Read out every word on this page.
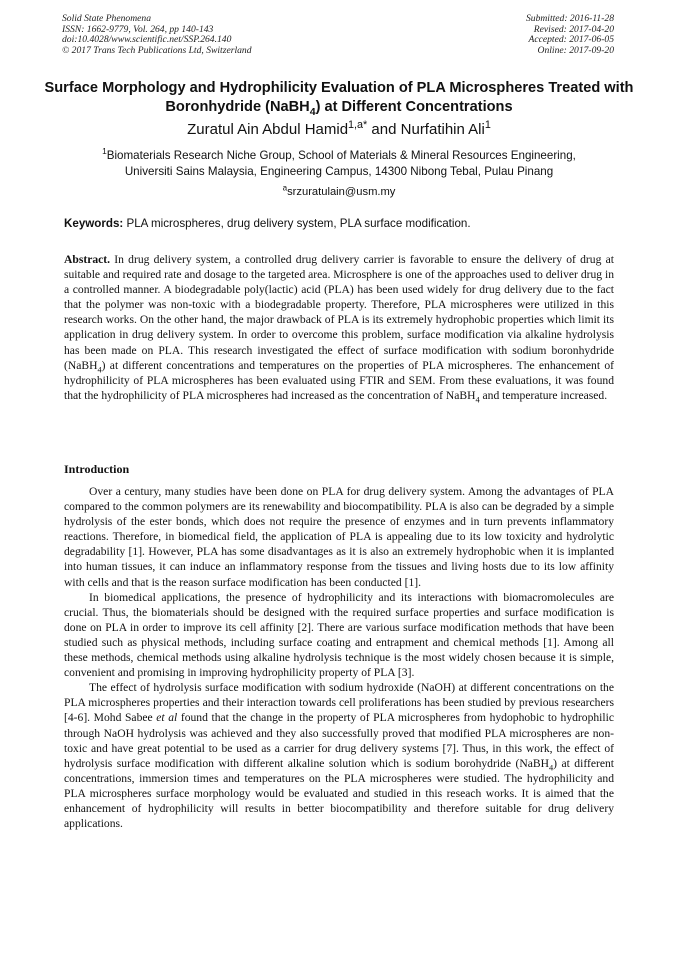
Solid State Phenomena
ISSN: 1662-9779, Vol. 264, pp 140-143
doi:10.4028/www.scientific.net/SSP.264.140
© 2017 Trans Tech Publications Ltd, Switzerland
Submitted: 2016-11-28
Revised: 2017-04-20
Accepted: 2017-06-05
Online: 2017-09-20
Surface Morphology and Hydrophilicity Evaluation of PLA Microspheres Treated with Boronhydride (NaBH$_4$) at Different Concentrations
Zuratul Ain Abdul Hamid$^{1,a*}$ and Nurfatihin Ali$^1$
$^1$Biomaterials Research Niche Group, School of Materials & Mineral Resources Engineering,
Universiti Sains Malaysia, Engineering Campus, 14300 Nibong Tebal, Pulau Pinang
$^a$srzuratulain@usm.my
Keywords: PLA microspheres, drug delivery system, PLA surface modification.
Abstract. In drug delivery system, a controlled drug delivery carrier is favorable to ensure the delivery of drug at suitable and required rate and dosage to the targeted area. Microsphere is one of the approaches used to deliver drug in a controlled manner. A biodegradable poly(lactic) acid (PLA) has been used widely for drug delivery due to the fact that the polymer was non-toxic with a biodegradable property. Therefore, PLA microspheres were utilized in this research works. On the other hand, the major drawback of PLA is its extremely hydrophobic properties which limit its application in drug delivery system. In order to overcome this problem, surface modification via alkaline hydrolysis has been made on PLA. This research investigated the effect of surface modification with sodium boronhydride (NaBH$_4$) at different concentrations and temperatures on the properties of PLA microspheres. The enhancement of hydrophilicity of PLA microspheres has been evaluated using FTIR and SEM. From these evaluations, it was found that the hydrophilicity of PLA microspheres had increased as the concentration of NaBH$_4$ and temperature increased.
Introduction

Over a century, many studies have been done on PLA for drug delivery system. Among the advantages of PLA compared to the common polymers are its renewability and biocompatibility. PLA is also can be degraded by a simple hydrolysis of the ester bonds, which does not require the presence of enzymes and in turn prevents inflammatory reactions. Therefore, in biomedical field, the application of PLA is appealing due to its low toxicity and hydrolytic degradability [1]. However, PLA has some disadvantages as it is also an extremely hydrophobic when it is implanted into human tissues, it can induce an inflammatory response from the tissues and living hosts due to its low affinity with cells and that is the reason surface modification has been conducted [1].

In biomedical applications, the presence of hydrophilicity and its interactions with biomacromolecules are crucial. Thus, the biomaterials should be designed with the required surface properties and surface modification is done on PLA in order to improve its cell affinity [2]. There are various surface modification methods that have been studied such as physical methods, including surface coating and entrapment and chemical methods [1]. Among all these methods, chemical methods using alkaline hydrolysis technique is the most widely chosen because it is simple, convenient and promising in improving hydrophilicity property of PLA [3].

The effect of hydrolysis surface modification with sodium hydroxide (NaOH) at different concentrations on the PLA microspheres properties and their interaction towards cell proliferations has been studied by previous researchers [4-6]. Mohd Sabee et al found that the change in the property of PLA microspheres from hydophobic to hydrophilic through NaOH hydrolysis was achieved and they also successfully proved that modified PLA microspheres are non-toxic and have great potential to be used as a carrier for drug delivery systems [7]. Thus, in this work, the effect of hydrolysis surface modification with different alkaline solution which is sodium borohydride (NaBH$_4$) at different concentrations, immersion times and temperatures on the PLA microspheres were studied. The hydrophilicity and PLA microspheres surface morphology would be evaluated and studied in this reseach works. It is aimed that the enhancement of hydrophilicity will results in better biocompatibility and therefore suitable for drug delivery applications.
